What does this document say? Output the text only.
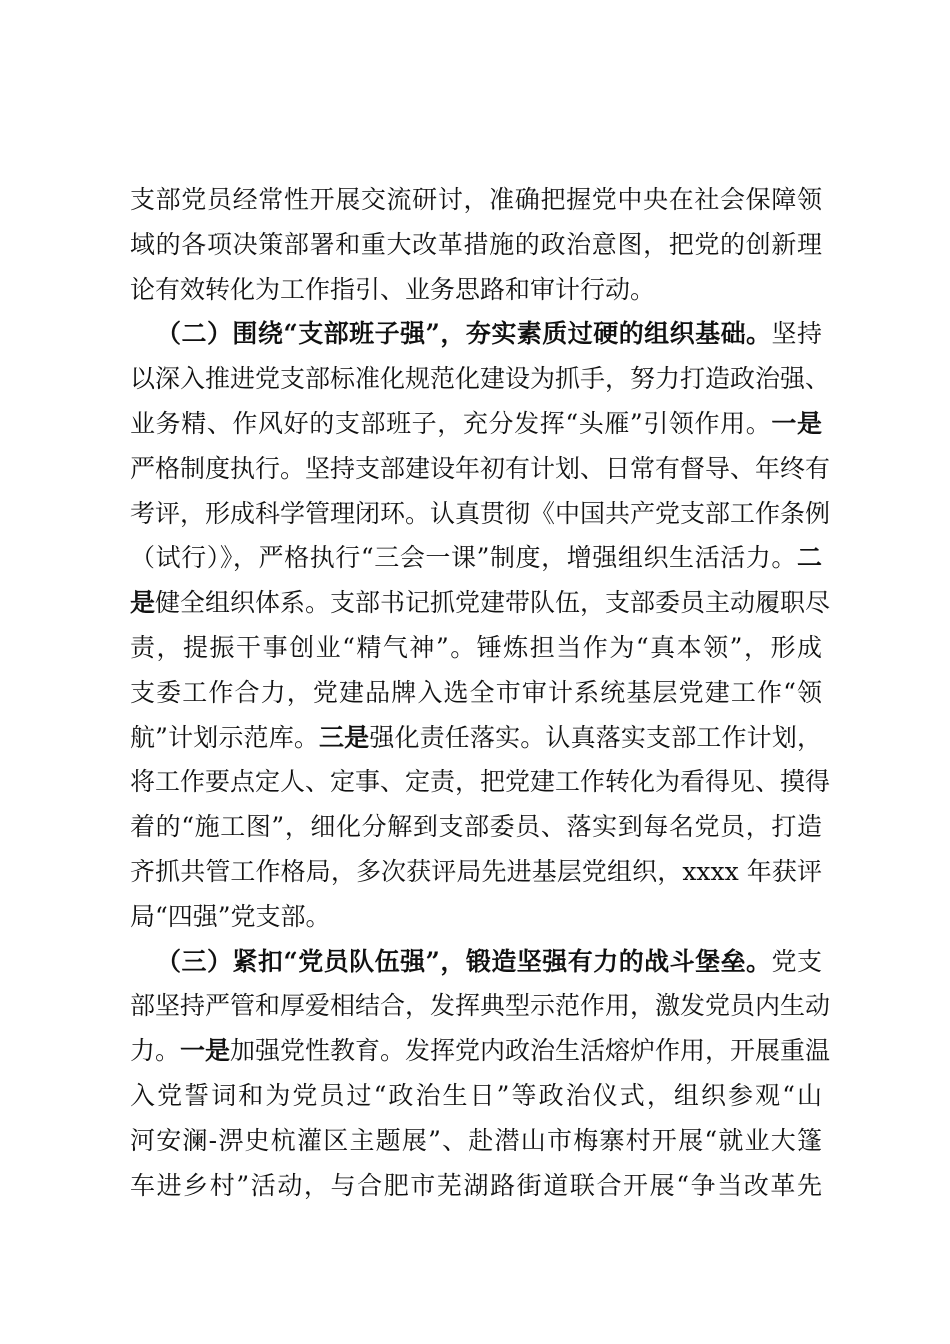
支部党员经常性开展交流研讨，准确把握党中央在社会保障领
域的各项决策部署和重大改革措施的政治意图，把党的创新理
论有效转化为工作指引、业务思路和审计行动。
（二）围绕“支部班子强”，夯实素质过硬的组织基础。坚持
以深入推进党支部标准化规范化建设为抓手，努力打造政治强、
业务精、作风好的支部班子，充分发挥“头雁”引领作用。一是
严格制度执行。坚持支部建设年初有计划、日常有督导、年终有
考评，形成科学管理闭环。认真贯彻《中国共产党支部工作条例
（试行）》，严格执行“三会一课”制度，增强组织生活活力。二
是健全组织体系。支部书记抓党建带队伍，支部委员主动履职尽
责，提振干事创业“精气神”。锤炼担当作为“真本领”，形成
支委工作合力，党建品牌入选全市审计系统基层党建工作“领
航”计划示范库。三是强化责任落实。认真落实支部工作计划，
将工作要点定人、定事、定责，把党建工作转化为看得见、摸得
着的“施工图”，细化分解到支部委员、落实到每名党员，打造
齐抓共管工作格局，多次获评局先进基层党组织，xxxx 年获评
局“四强”党支部。
（三）紧扣“党员队伍强”，锻造坚强有力的战斗堡垒。党支
部坚持严管和厚爱相结合，发挥典型示范作用，激发党员内生动
力。一是加强党性教育。发挥党内政治生活熔炉作用，开展重温
入党誓词和为党员过“政治生日”等政治仪式，组织参观“山
河安澜-淠史杭灌区主题展”、赴潜山市梅寨村开展“就业大篷
车进乡村”活动，与合肥市芜湖路街道联合开展“争当改革先
